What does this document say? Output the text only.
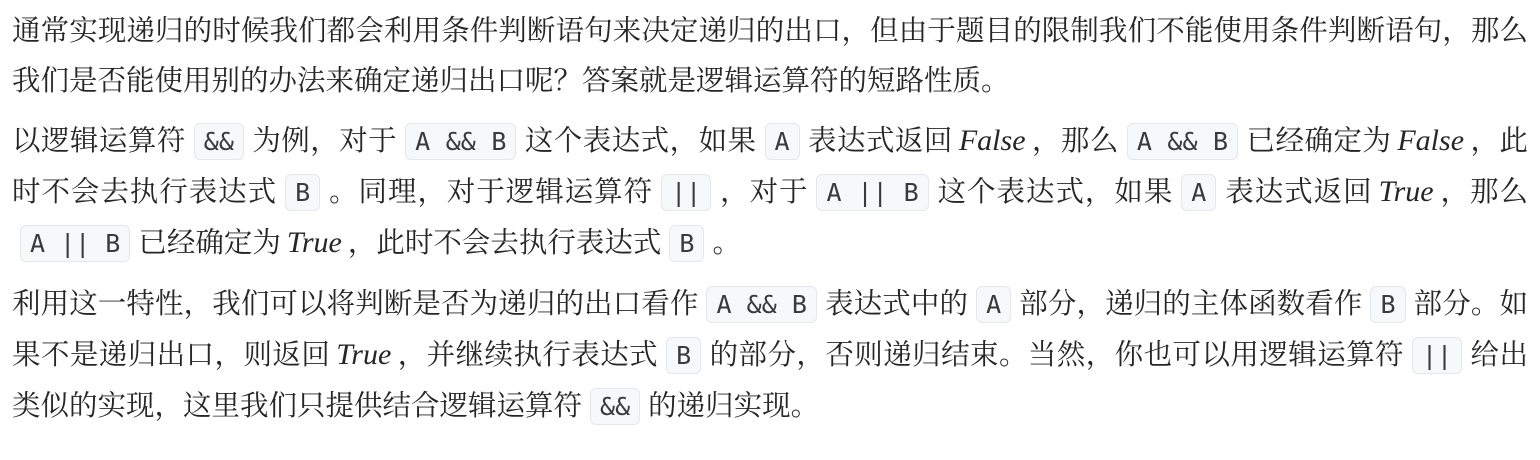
通常实现递归的时候我们都会利用条件判断语句来决定递归的出口，但由于题目的限制我们不能使用条件判断语句，那么我们是否能使用别的办法来确定递归出口呢？答案就是逻辑运算符的短路性质。

以逻辑运算符 && 为例，对于 A && B 这个表达式，如果 A 表达式返回 False ，那么 A && B 已经确定为 False ，此时不会去执行表达式 B 。同理，对于逻辑运算符 || ，对于 A || B 这个表达式，如果 A 表达式返回 True ，那么A || B 已经确定为 True ，此时不会去执行表达式 B 。

利用这一特性，我们可以将判断是否为递归的出口看作 A && B 表达式中的 A 部分，递归的主体函数看作 B 部分。如果不是递归出口，则返回 True ，并继续执行表达式 B 的部分，否则递归结束。当然，你也可以用逻辑运算符 || 给出类似的实现，这里我们只提供结合逻辑运算符 && 的递归实现。
